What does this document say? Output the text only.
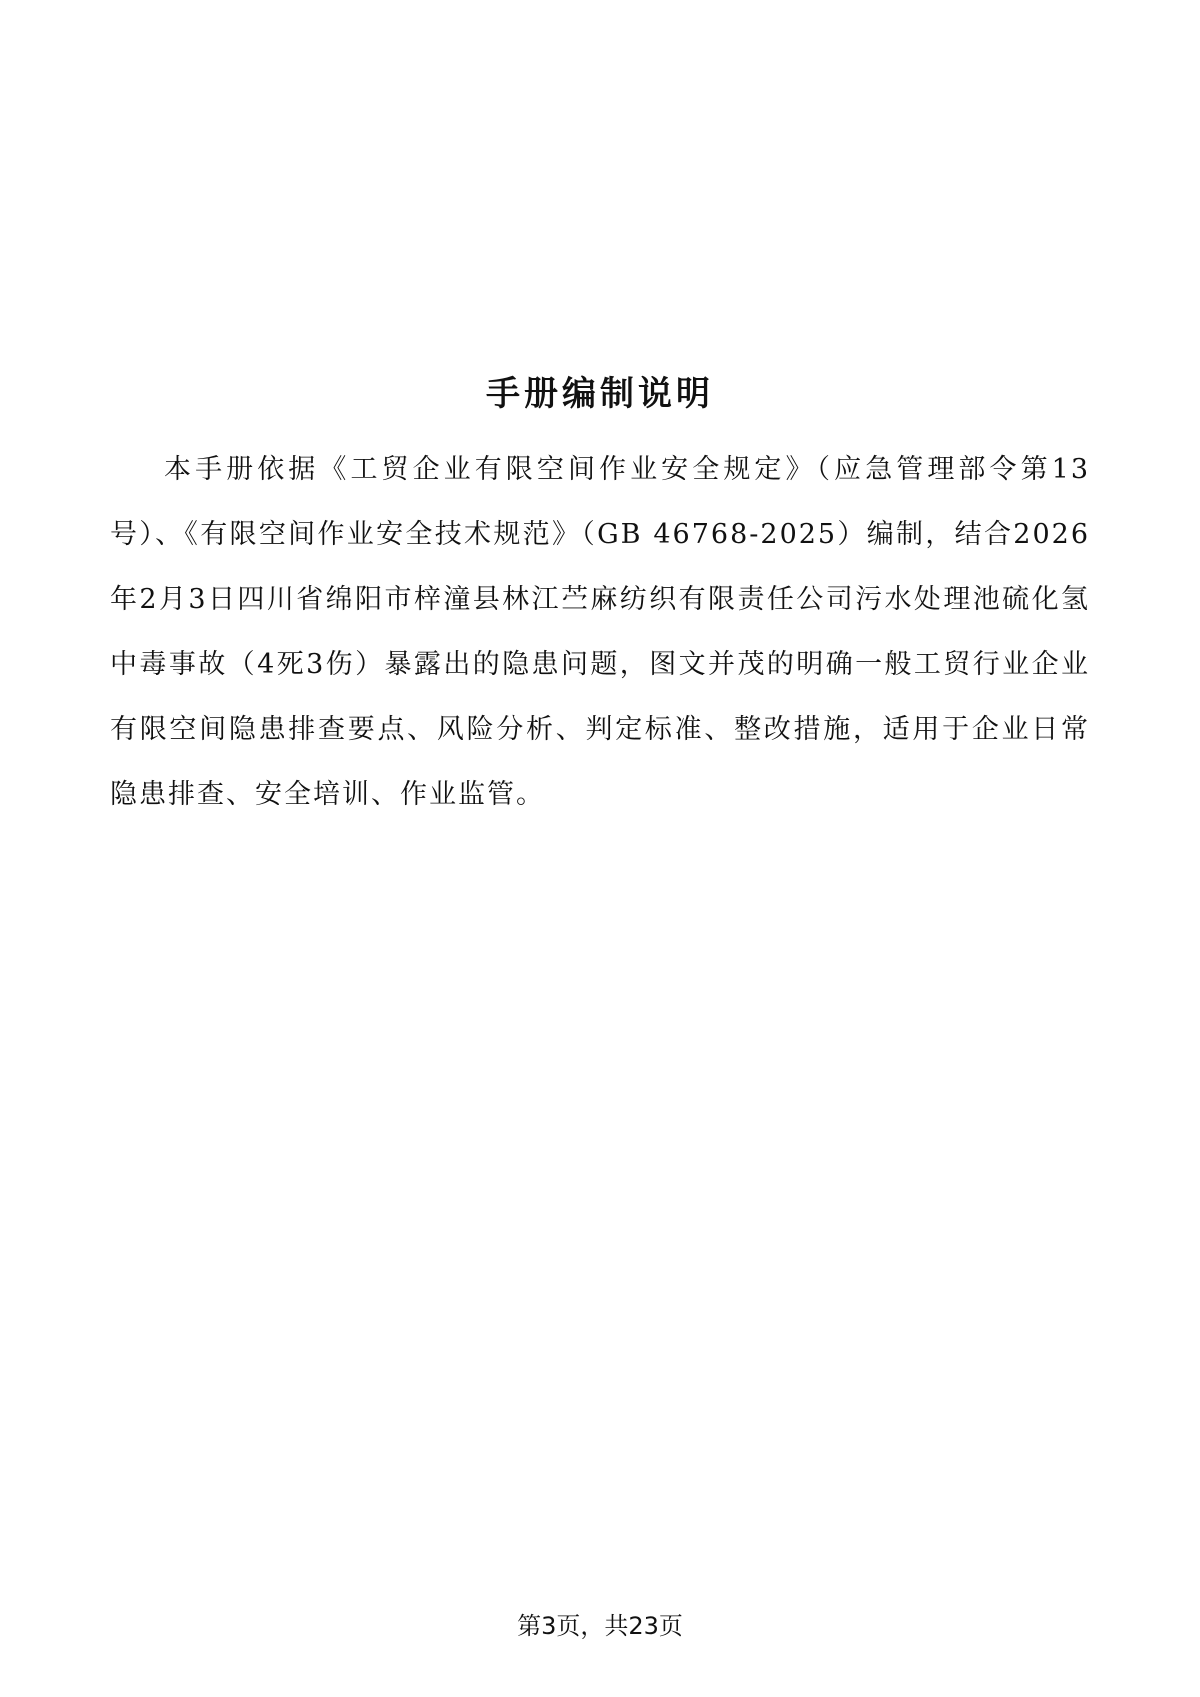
手册编制说明

本手册依据《工贸企业有限空间作业安全规定》（应急管理部令第13号）、《有限空间作业安全技术规范》（GB 46768-2025）编制，结合2026年2月3日四川省绵阳市梓潼县林江苎麻纺织有限责任公司污水处理池硫化氢中毒事故（4死3伤）暴露出的隐患问题，图文并茂的明确一般工贸行业企业有限空间隐患排查要点、风险分析、判定标准、整改措施，适用于企业日常隐患排查、安全培训、作业监管。

第3页，共23页
